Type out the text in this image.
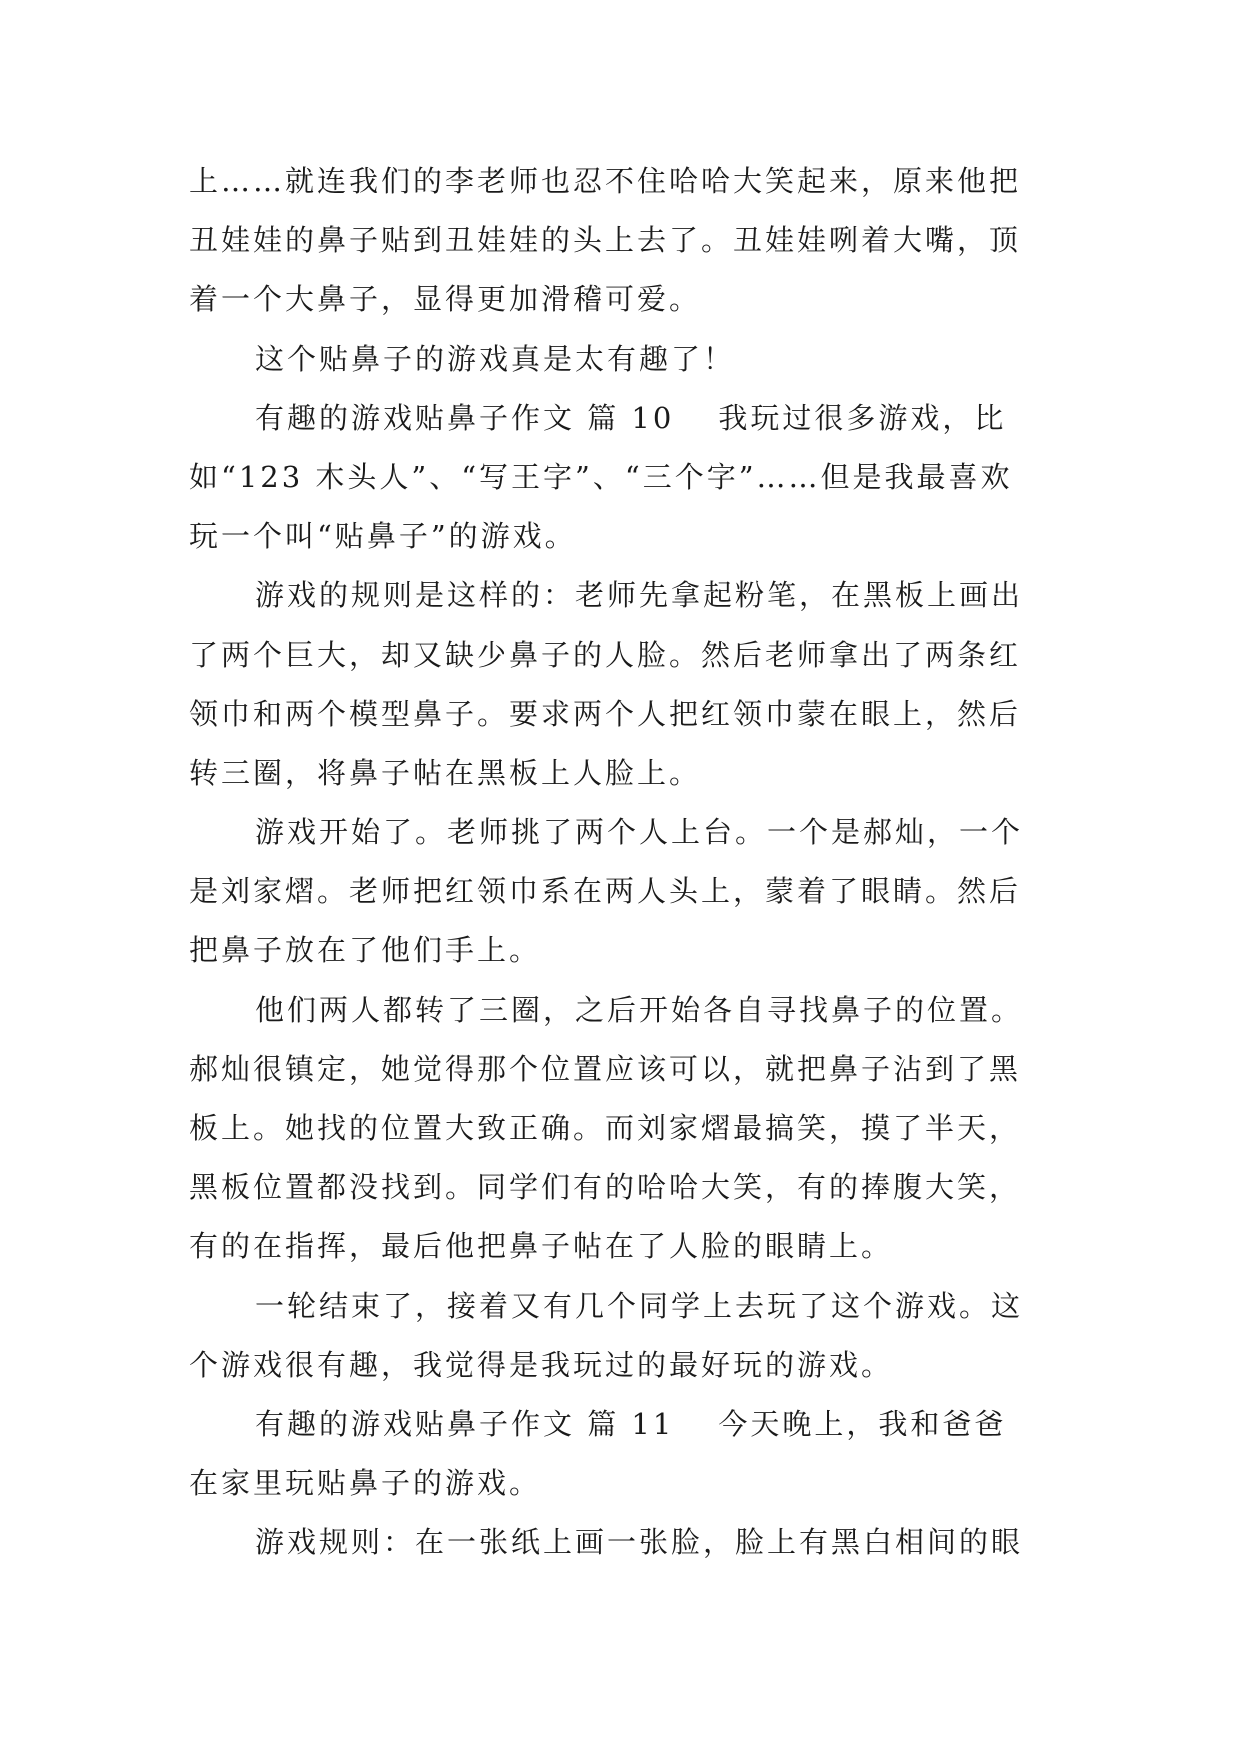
上……就连我们的李老师也忍不住哈哈大笑起来，原来他把
丑娃娃的鼻子贴到丑娃娃的头上去了。丑娃娃咧着大嘴，顶
着一个大鼻子，显得更加滑稽可爱。
这个贴鼻子的游戏真是太有趣了！
有趣的游戏贴鼻子作文 篇 10 我玩过很多游戏，比
如“123 木头人”、“写王字”、“三个字”……但是我最喜欢
玩一个叫“贴鼻子”的游戏。
游戏的规则是这样的：老师先拿起粉笔，在黑板上画出
了两个巨大，却又缺少鼻子的人脸。然后老师拿出了两条红
领巾和两个模型鼻子。要求两个人把红领巾蒙在眼上，然后
转三圈，将鼻子帖在黑板上人脸上。
游戏开始了。老师挑了两个人上台。一个是郝灿，一个
是刘家熠。老师把红领巾系在两人头上，蒙着了眼睛。然后
把鼻子放在了他们手上。
他们两人都转了三圈，之后开始各自寻找鼻子的位置。
郝灿很镇定，她觉得那个位置应该可以，就把鼻子沾到了黑
板上。她找的位置大致正确。而刘家熠最搞笑，摸了半天，
黑板位置都没找到。同学们有的哈哈大笑，有的捧腹大笑，
有的在指挥，最后他把鼻子帖在了人脸的眼睛上。
一轮结束了，接着又有几个同学上去玩了这个游戏。这
个游戏很有趣，我觉得是我玩过的最好玩的游戏。
有趣的游戏贴鼻子作文 篇 11 今天晚上，我和爸爸
在家里玩贴鼻子的游戏。
游戏规则：在一张纸上画一张脸，脸上有黑白相间的眼
